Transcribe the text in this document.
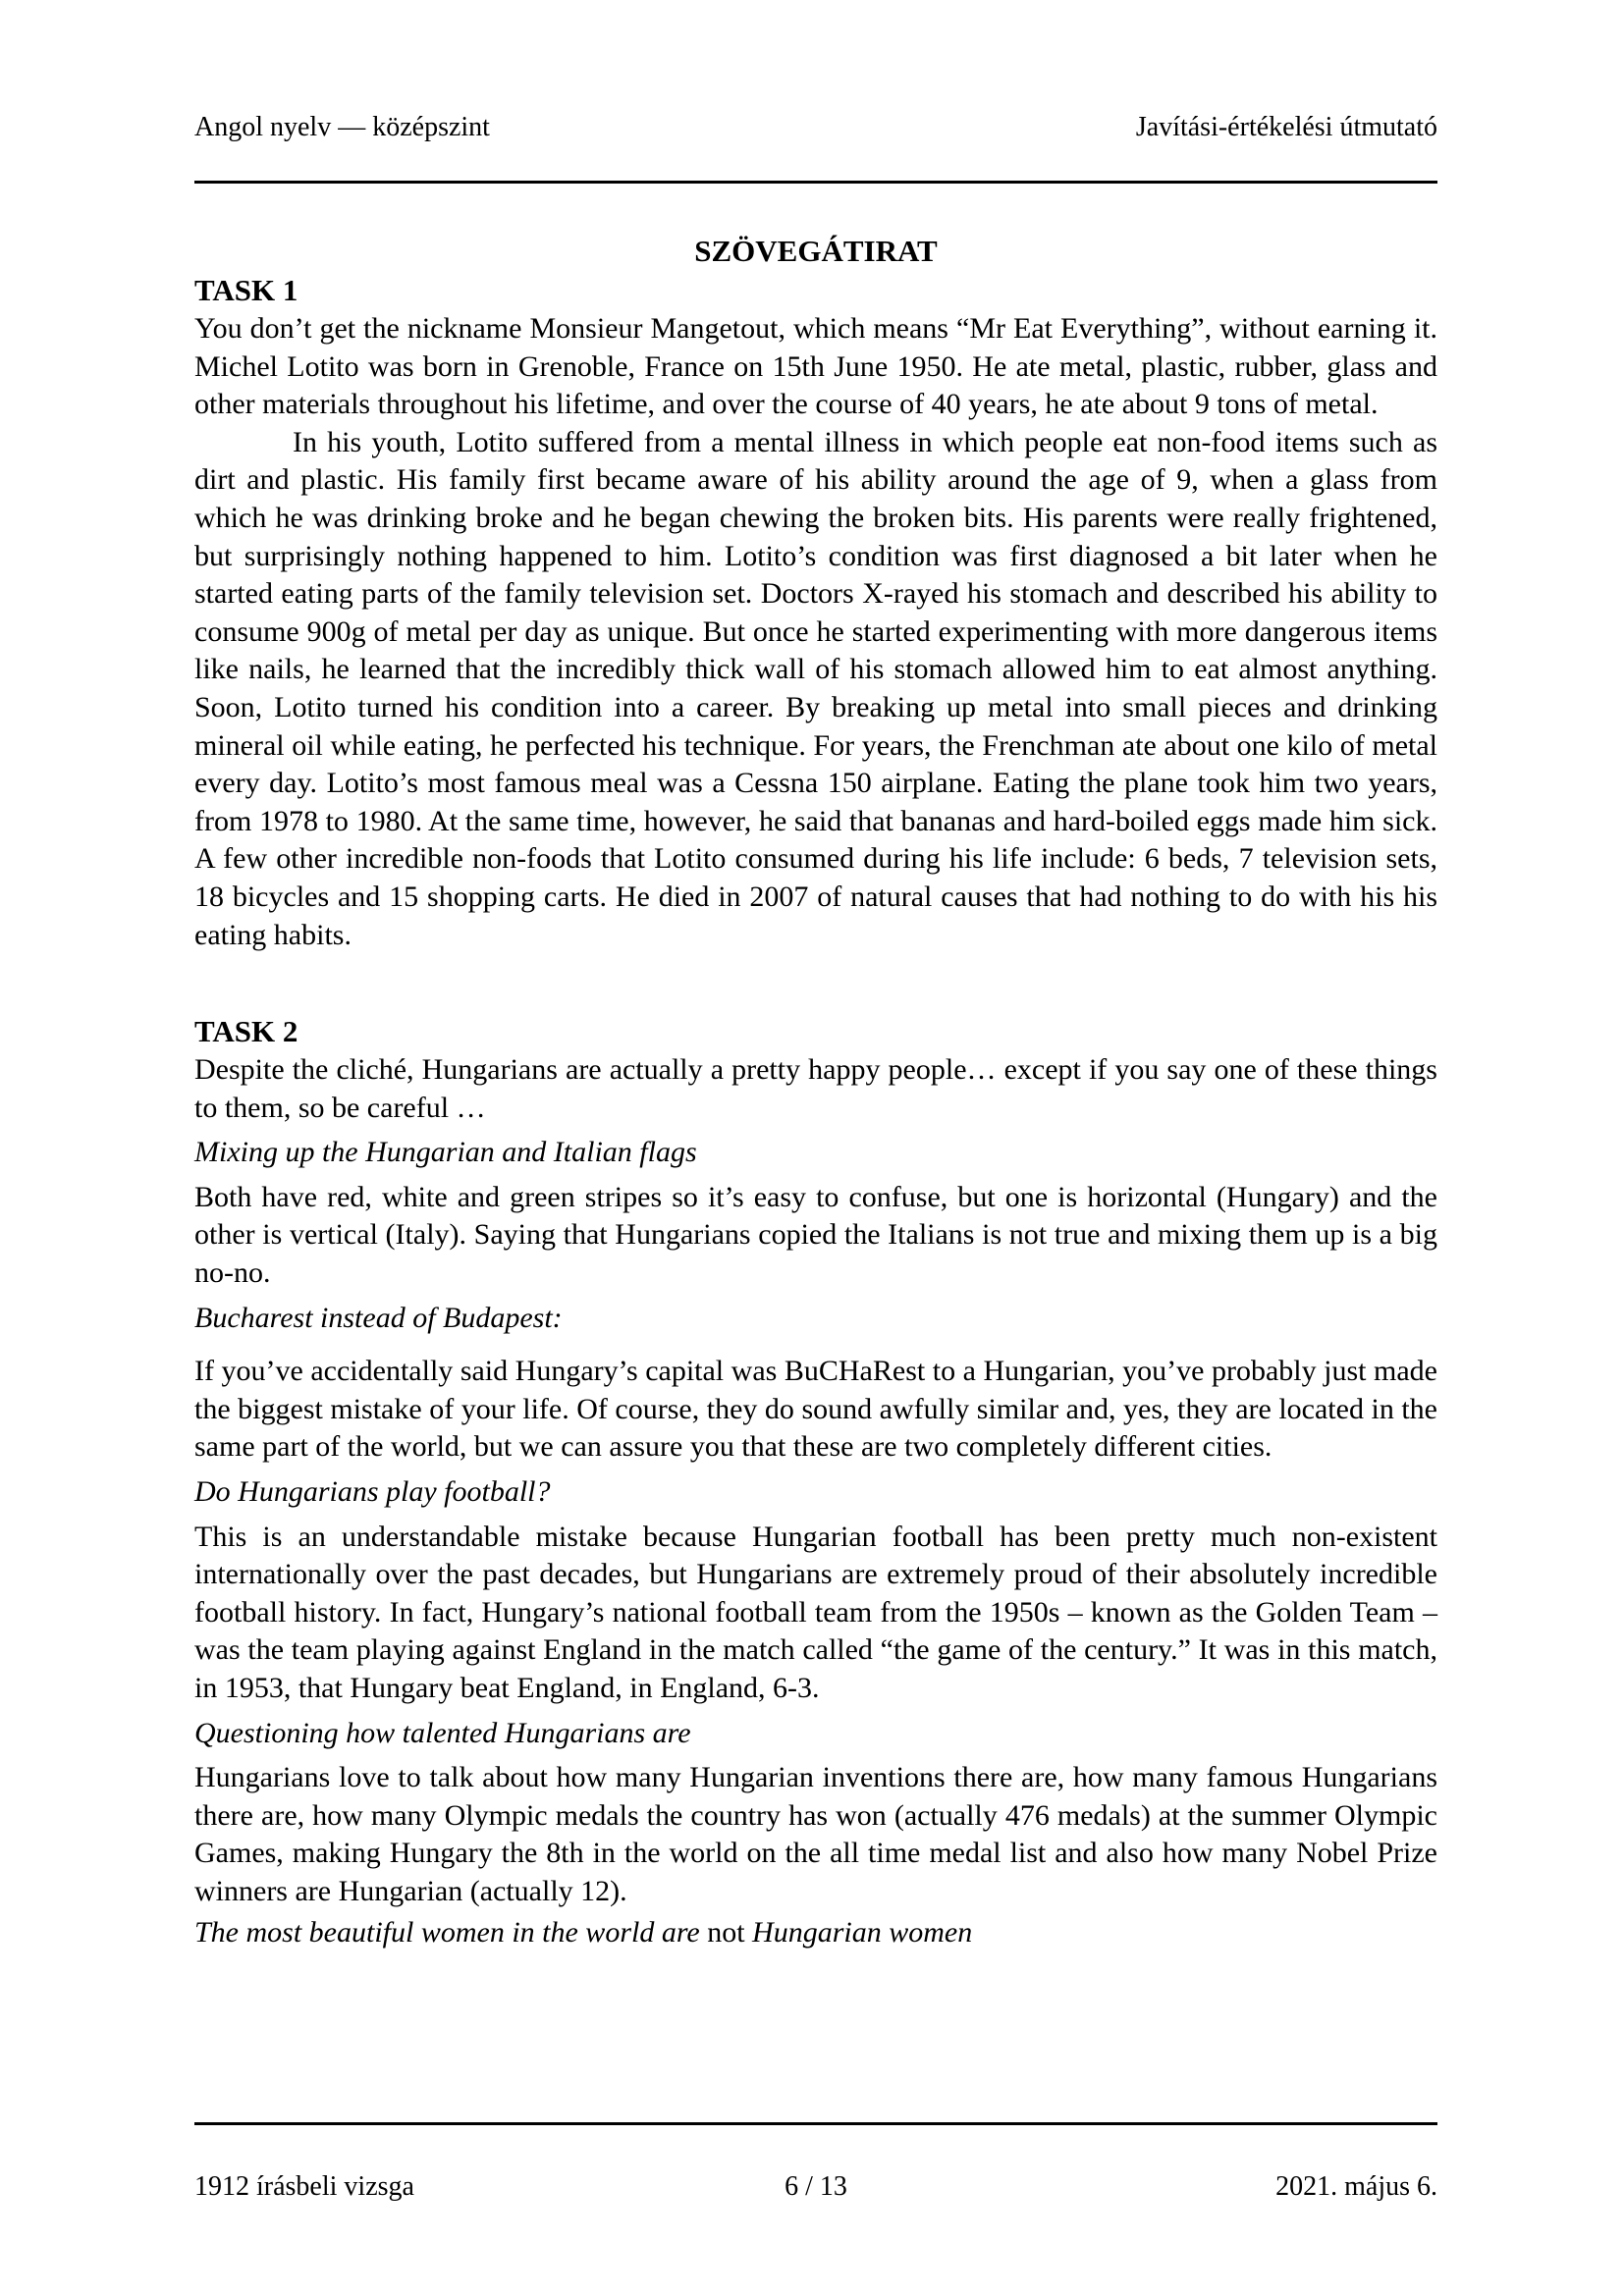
Angol nyelv — középszint	Javítási-értékelési útmutató
SZÖVEGÁTIRAT
TASK 1

You don’t get the nickname Monsieur Mangetout, which means “Mr Eat Everything”, without earning it. Michel Lotito was born in Grenoble, France on 15th June 1950. He ate metal, plastic, rubber, glass and other materials throughout his lifetime, and over the course of 40 years, he ate about 9 tons of metal.

In his youth, Lotito suffered from a mental illness in which people eat non-food items such as dirt and plastic. His family first became aware of his ability around the age of 9, when a glass from which he was drinking broke and he began chewing the broken bits. His parents were really frightened, but surprisingly nothing happened to him. Lotito’s condition was first diagnosed a bit later when he started eating parts of the family television set. Doctors X-rayed his stomach and described his ability to consume 900g of metal per day as unique. But once he started experimenting with more dangerous items like nails, he learned that the incredibly thick wall of his stomach allowed him to eat almost anything. Soon, Lotito turned his condition into a career. By breaking up metal into small pieces and drinking mineral oil while eating, he perfected his technique. For years, the Frenchman ate about one kilo of metal every day. Lotito’s most famous meal was a Cessna 150 airplane. Eating the plane took him two years, from 1978 to 1980. At the same time, however, he said that bananas and hard-boiled eggs made him sick. A few other incredible non-foods that Lotito consumed during his life include: 6 beds, 7 television sets, 18 bicycles and 15 shopping carts. He died in 2007 of natural causes that had nothing to do with his his eating habits.

TASK 2

Despite the cliché, Hungarians are actually a pretty happy people… except if you say one of these things to them, so be careful …

Mixing up the Hungarian and Italian flags

Both have red, white and green stripes so it’s easy to confuse, but one is horizontal (Hungary) and the other is vertical (Italy). Saying that Hungarians copied the Italians is not true and mixing them up is a big no-no.

Bucharest instead of Budapest:

If you’ve accidentally said Hungary’s capital was BuCHaRest to a Hungarian, you’ve probably just made the biggest mistake of your life. Of course, they do sound awfully similar and, yes, they are located in the same part of the world, but we can assure you that these are two completely different cities.

Do Hungarians play football?

This is an understandable mistake because Hungarian football has been pretty much non-existent internationally over the past decades, but Hungarians are extremely proud of their absolutely incredible football history. In fact, Hungary’s national football team from the 1950s – known as the Golden Team – was the team playing against England in the match called “the game of the century.” It was in this match, in 1953, that Hungary beat England, in England, 6-3.

Questioning how talented Hungarians are

Hungarians love to talk about how many Hungarian inventions there are, how many famous Hungarians there are, how many Olympic medals the country has won (actually 476 medals) at the summer Olympic Games, making Hungary the 8th in the world on the all time medal list and also how many Nobel Prize winners are Hungarian (actually 12).

The most beautiful women in the world are not Hungarian women

1912 írásbeli vizsga	6 / 13	2021. május 6.
